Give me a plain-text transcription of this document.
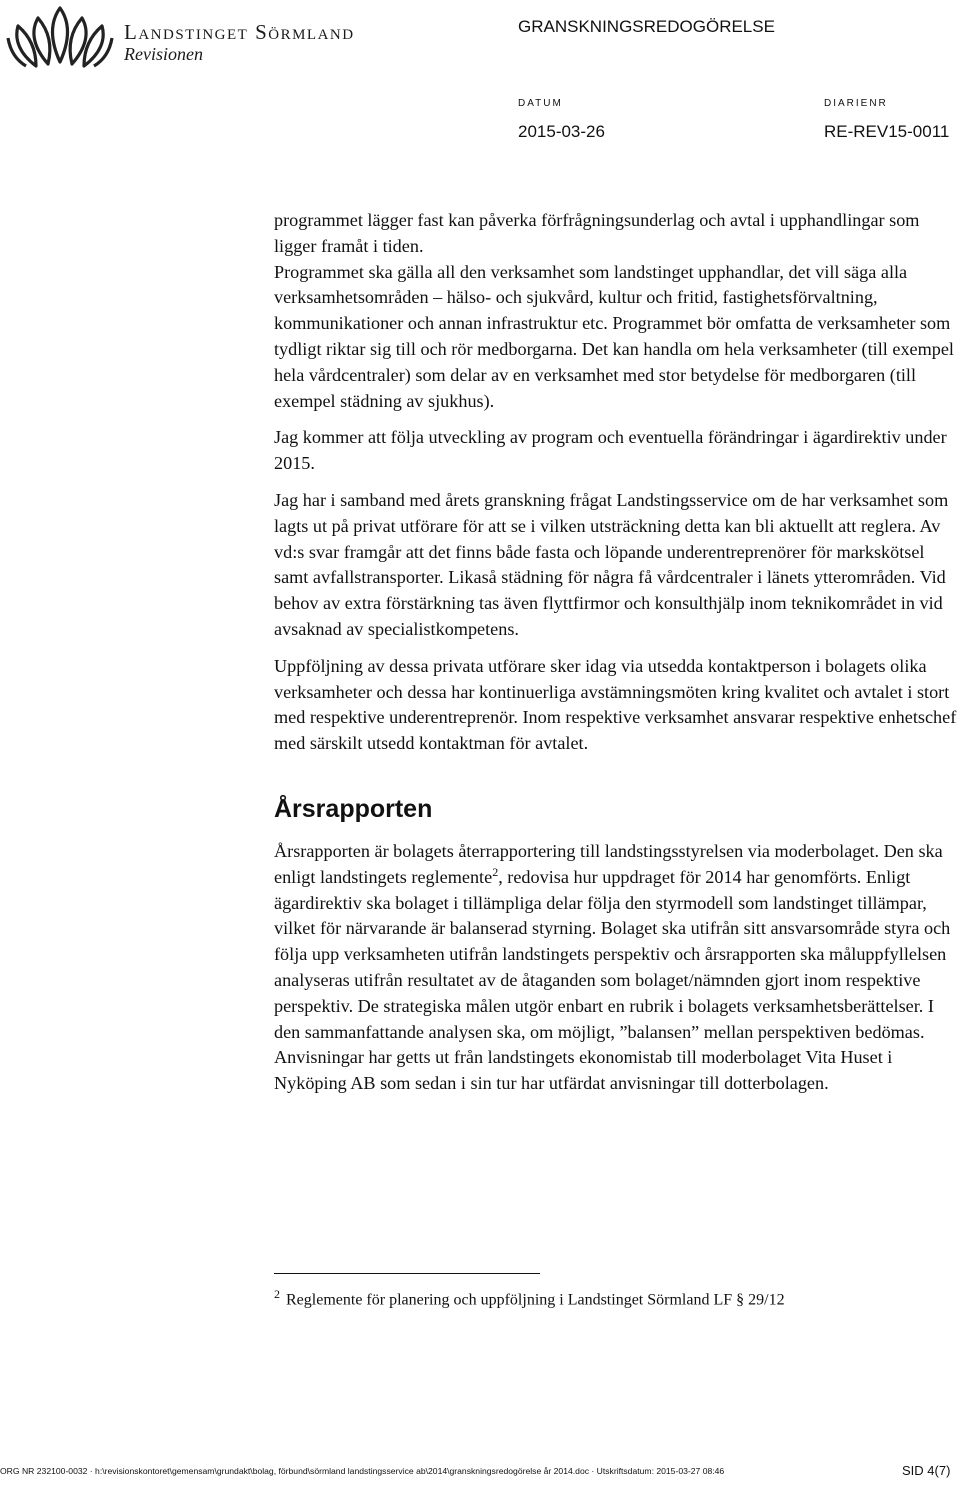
Landstinget Sörmland
Revisionen
GRANSKNINGSREDOGÖRELSE
DATUM
2015-03-26
DIARIENR
RE-REV15-0011

programmet lägger fast kan påverka förfrågningsunderlag och avtal i upphandlingar som ligger framåt i tiden.

Programmet ska gälla all den verksamhet som landstinget upphandlar, det vill säga alla verksamhetsområden – hälso- och sjukvård, kultur och fritid, fastighetsförvaltning, kommunikationer och annan infrastruktur etc. Programmet bör omfatta de verksamheter som tydligt riktar sig till och rör medborgarna. Det kan handla om hela verksamheter (till exempel hela vårdcentraler) som delar av en verksamhet med stor betydelse för medborgaren (till exempel städning av sjukhus).

Jag kommer att följa utveckling av program och eventuella förändringar i ägardirektiv under 2015.

Jag har i samband med årets granskning frågat Landstingsservice om de har verksamhet som lagts ut på privat utförare för att se i vilken utsträckning detta kan bli aktuellt att reglera. Av vd:s svar framgår att det finns både fasta och löpande underentreprenörer för markskötsel samt avfallstransporter. Likaså städning för några få vårdcentraler i länets ytterområden. Vid behov av extra förstärkning tas även flyttfirmor och konsulthjälp inom teknikområdet in vid avsaknad av specialistkompetens.

Uppföljning av dessa privata utförare sker idag via utsedda kontaktperson i bolagets olika verksamheter och dessa har kontinuerliga avstämningsmöten kring kvalitet och avtalet i stort med respektive underentreprenör. Inom respektive verksamhet ansvarar respektive enhetschef med särskilt utsedd kontaktman för avtalet.

Årsrapporten

Årsrapporten är bolagets återrapportering till landstingsstyrelsen via moderbolaget. Den ska enligt landstingets reglemente$^2$, redovisa hur uppdraget för 2014 har genomförts. Enligt ägardirektiv ska bolaget i tillämpliga delar följa den styrmodell som landstinget tillämpar, vilket för närvarande är balanserad styrning. Bolaget ska utifrån sitt ansvarsområde styra och följa upp verksamheten utifrån landstingets perspektiv och årsrapporten ska måluppfyllelsen analyseras utifrån resultatet av de åtaganden som bolaget/nämnden gjort inom respektive perspektiv. De strategiska målen utgör enbart en rubrik i bolagets verksamhetsberättelser. I den sammanfattande analysen ska, om möjligt, ”balansen” mellan perspektiven bedömas. Anvisningar har getts ut från landstingets ekonomistab till moderbolaget Vita Huset i Nyköping AB som sedan i sin tur har utfärdat anvisningar till dotterbolagen.

$^2$ Reglemente för planering och uppföljning i Landstinget Sörmland LF § 29/12
ORG NR 232100-0032 · h:\revisionskontoret\gemensam\grundakt\bolag, förbund\sörmland landstingsservice ab\2014\granskningsredogörelse år 2014.doc · Utskriftsdatum: 2015-03-27 08:46	SID 4(7)
